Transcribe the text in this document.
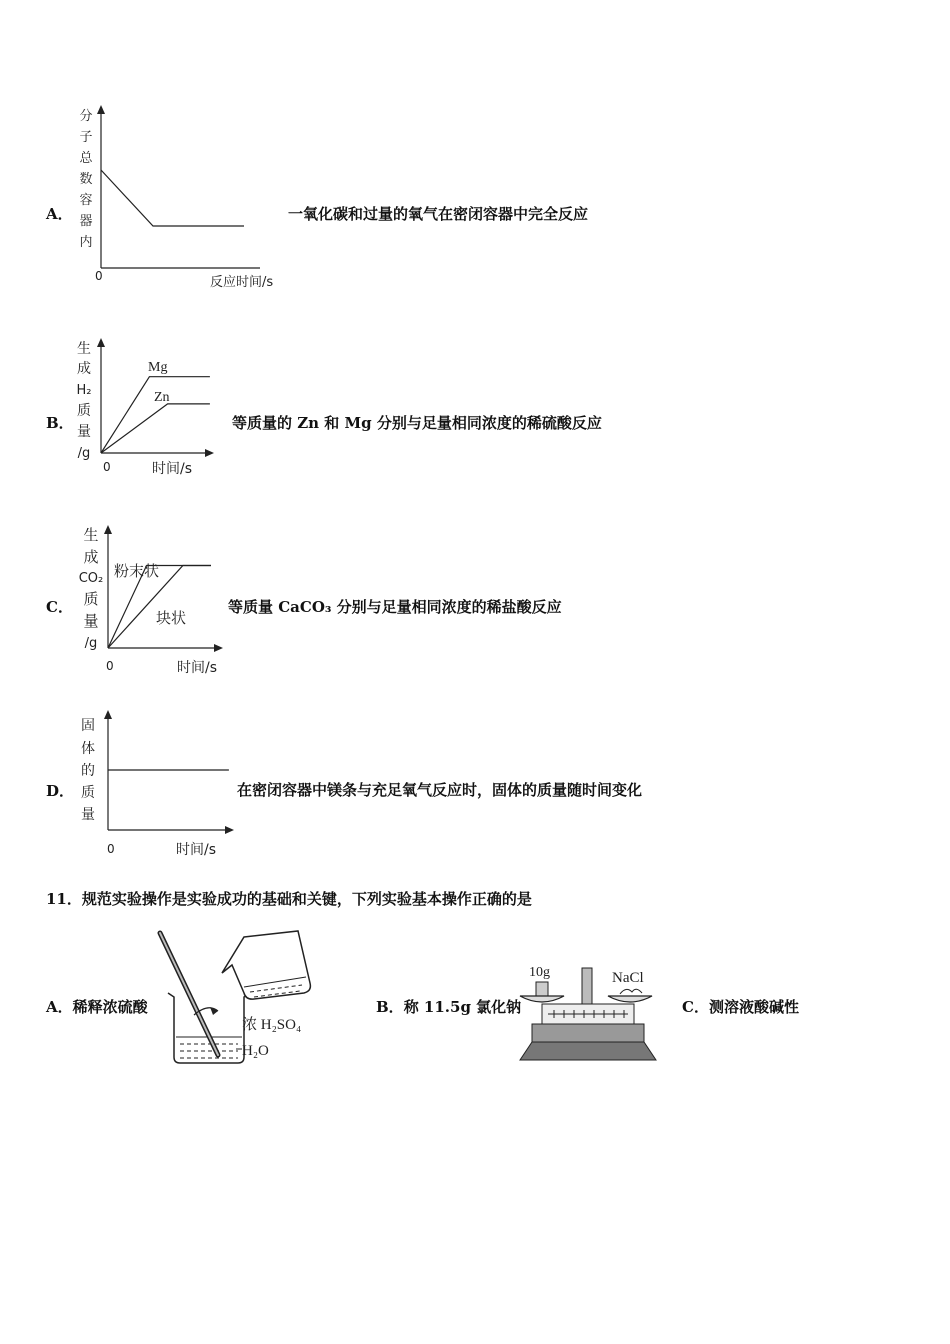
A．
分
子
总
数
容
器
内
0	反应时间/s
一氧化碳和过量的氧气在密闭容器中完全反应
B．
生
成
H₂
质
量
/g
0	时间/s
Mg
Zn
等质量的 Zn 和 Mg 分别与足量相同浓度的稀硫酸反应
C．
生
成
CO₂
质
量
/g
0	时间/s
粉末状
块状
等质量 CaCO₃ 分别与足量相同浓度的稀盐酸反应
D．
固
体
的
质
量
0	时间/s
在密闭容器中镁条与充足氧气反应时，固体的质量随时间变化
11．规范实验操作是实验成功的基础和关键，下列实验基本操作正确的是
A．稀释浓硫酸
浓 H₂SO₄
H₂O
B．称 11.5g 氯化钠
10g	NaCl
C．测溶液酸碱性
